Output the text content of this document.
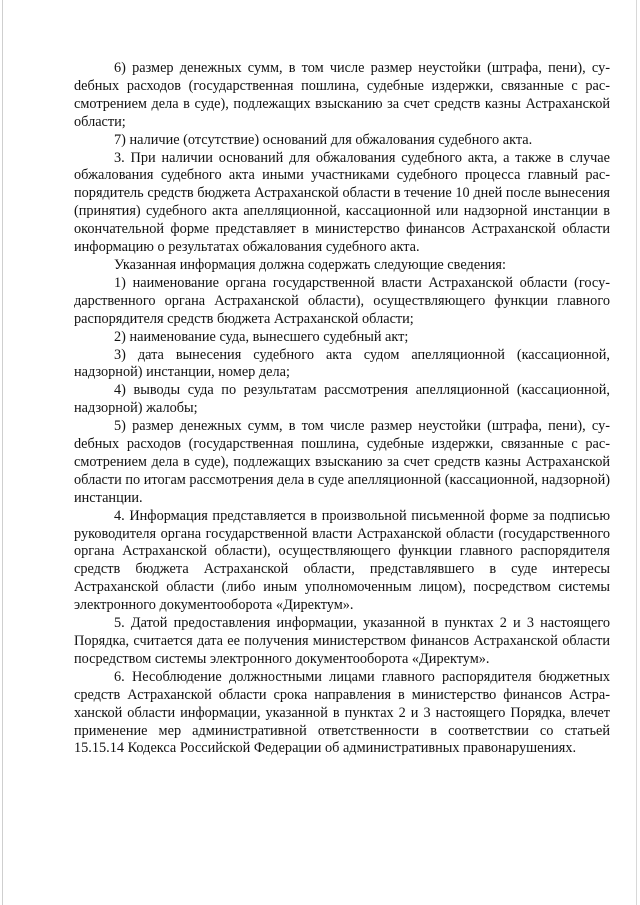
6) размер денежных сумм, в том числе размер неустойки (штрафа, пени), суdебных расходов (государственная пошлина, судебные издержки, связанные с рассмотрением дела в суде), подлежащих взысканию за счет средств казны Астраханской области;

7) наличие (отсутствие) оснований для обжалования судебного акта.

3. При наличии оснований для обжалования судебного акта, а также в случае обжалования судебного акта иными участниками судебного процесса главный распорядитель средств бюджета Астраханской области в течение 10 дней после вынесения (принятия) судебного акта апелляционной, кассационной или надзорной инстанции в окончательной форме представляет в министерство финансов Астраханской области информацию о результатах обжалования судебного акта.

Указанная информация должна содержать следующие сведения:

1) наименование органа государственной власти Астраханской области (государственного органа Астраханской области), осуществляющего функции главного распорядителя средств бюджета Астраханской области;

2) наименование суда, вынесшего судебный акт;

3) дата вынесения судебного акта судом апелляционной (кассационной, надзорной) инстанции, номер дела;

4) выводы суда по результатам рассмотрения апелляционной (кассационной, надзорной) жалобы;

5) размер денежных сумм, в том числе размер неустойки (штрафа, пени), суdебных расходов (государственная пошлина, судебные издержки, связанные с рассмотрением дела в суде), подлежащих взысканию за счет средств казны Астраханской области по итогам рассмотрения дела в суде апелляционной (кассационной, надзорной) инстанции.

4. Информация представляется в произвольной письменной форме за подписью руководителя органа государственной власти Астраханской области (государственного органа Астраханской области), осуществляющего функции главного распорядителя средств бюджета Астраханской области, представлявшего в суде интересы Астраханской области (либо иным уполномоченным лицом), посредством системы электронного документооборота «Директум».

5. Датой предоставления информации, указанной в пунктах 2 и 3 настоящего Порядка, считается дата ее получения министерством финансов Астраханской области посредством системы электронного документооборота «Директум».

6. Несоблюдение должностными лицами главного распорядителя бюджетных средств Астраханской области срока направления в министерство финансов Астраханской области информации, указанной в пунктах 2 и 3 настоящего Порядка, влечет применение мер административной ответственности в соответствии со статьей 15.15.14 Кодекса Российской Федерации об административных правонарушениях.
